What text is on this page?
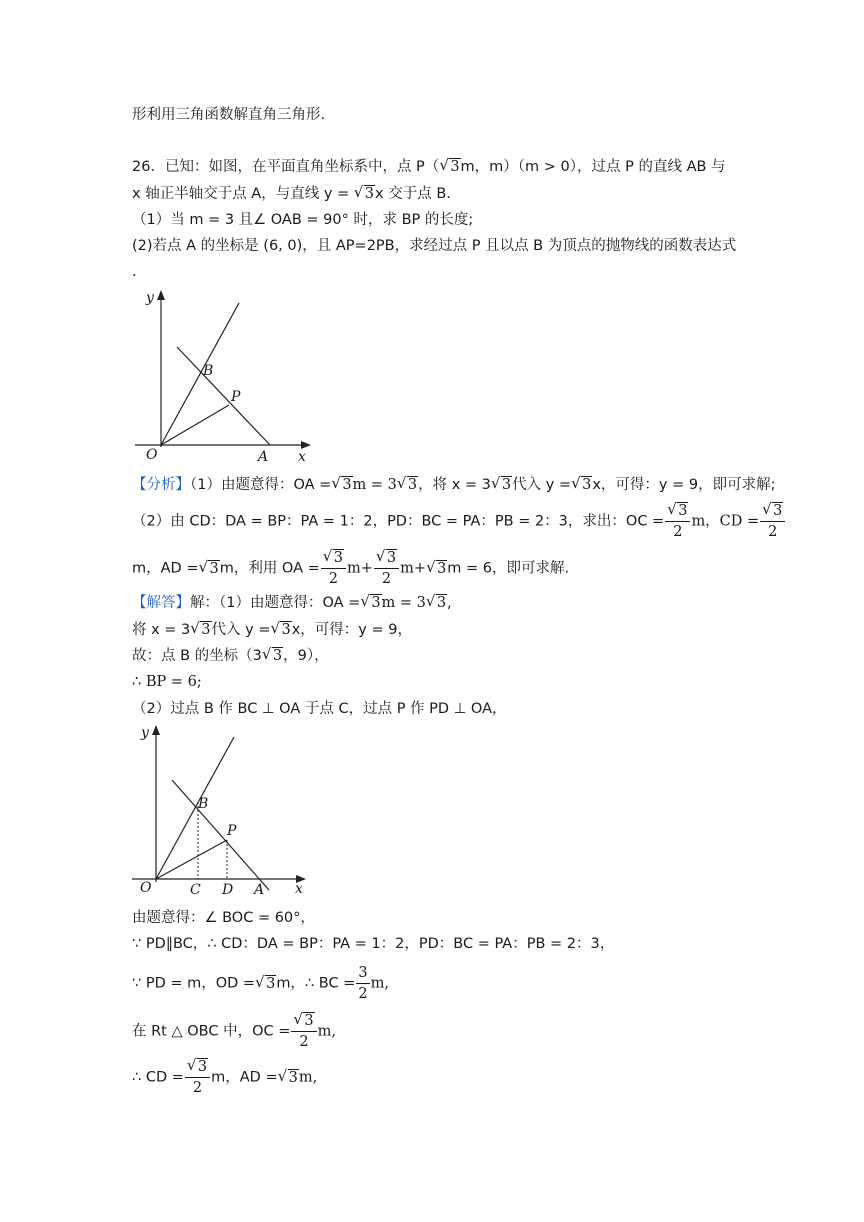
形利用三角函数解直角三角形.
26．已知：如图，在平面直角坐标系中，点 P（√ 3m，m）（m > 0），过点 P 的直线 AB 与
x 轴正半轴交于点 A，与直线 y = √ 3x 交于点 B.
（1）当 m = 3 且∠ OAB = 90° 时，求 BP 的长度;
(2)若点 A 的坐标是 (6, 0)，且 AP=2PB，求经过点 P 且以点 B 为顶点的抛物线的函数表达式
.
y
x
O	A
B
P
【分析】（1）由题意得：OA =√ 3m = 3√ 3，将 x = 3√ 3代入 y =√ 3x，可得：y = 9，即可求解;
（2）由 CD：DA = BP：PA = 1：2，PD：BC = PA：PB = 2：3，求出：OC =
√ $\frac{3}{2}$ m，CD =
√ $\frac{3}{2}$
m，AD =√ 3m，利用 OA =
√ $\frac{3}{2} m+$
√ $\frac{3}{2} m+√$ 3m = 6，即可求解.
【解答】解：（1）由题意得：OA =√ 3m = 3√ 3,
将 x = 3√ 3代入 y =√ 3x，可得：y = 9，
故：点 B 的坐标（3√ 3，9），
∴ BP = 6;
（2）过点 B 作 BC ⊥ OA 于点 C，过点 P 作 PD ⊥ OA，
y
x
O	C D A
B
P
由题意得：∠ BOC = 60°，
∵ PD∥BC，∴ CD：DA = BP：PA = 1：2，PD：BC = PA：PB = 2：3，
∵ PD = m，OD =√ 3m，∴ BC = $\frac{3}{2} m$,
在 Rt △ OBC 中，OC =
√ $\frac{3}{2} m$,
∴ CD =
√ $\frac{3}{2}$ m，AD =√ 3m,
